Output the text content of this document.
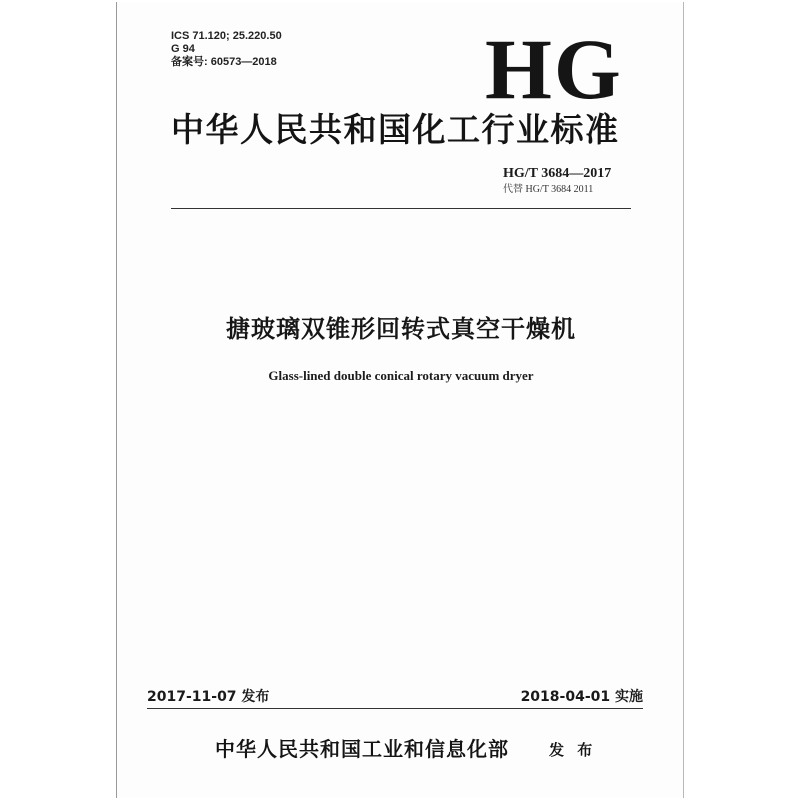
ICS 71.120; 25.220.50
G 94
备案号: 60573—2018 HG
中华人民共和国化工行业标准
HG/T 3684—2017
代替 HG/T 3684 2011
搪玻璃双锥形回转式真空干燥机
Glass-lined double conical rotary vacuum dryer
2017-11-07 发布	2018-04-01 实施
中华人民共和国工业和信息化部	发 布
